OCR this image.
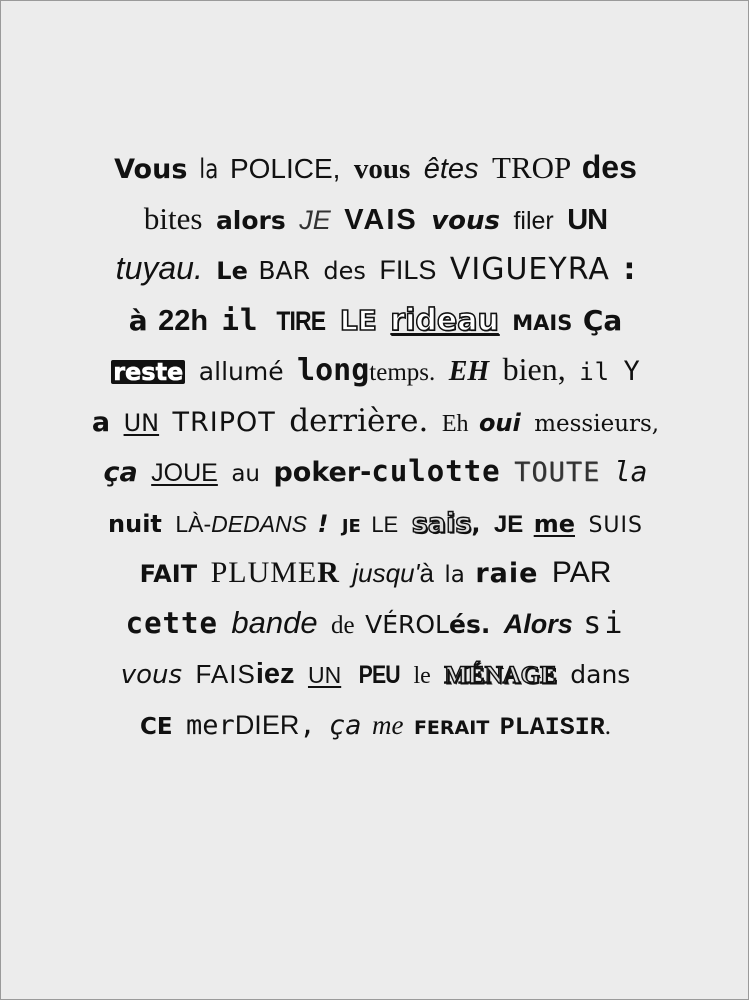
Vous la POLICE, vous êtes TROP des
bites alors JE VAIS vous filer UN
tuyau. Le BAR des FILS VIGUEYRA :
à 22h il TIRE LE rideau MAIS Ça
reste allumé longtemps. EH bien, il Y
a UN TRIPOT derrière. Eh oui messieurs,
ça JOUE au poker-culotte TOUTE la
nuit LÀ-DEDANS ! JE LE sais, JE me SUIS
FAIT PLUMER jusqu'à la raie PAR
cette bande de VÉROLés. Alors si
vous FAISiez UN PEU le MÉNAGE dans
CE merDIER, ça me FERAIT PLAISIR.
